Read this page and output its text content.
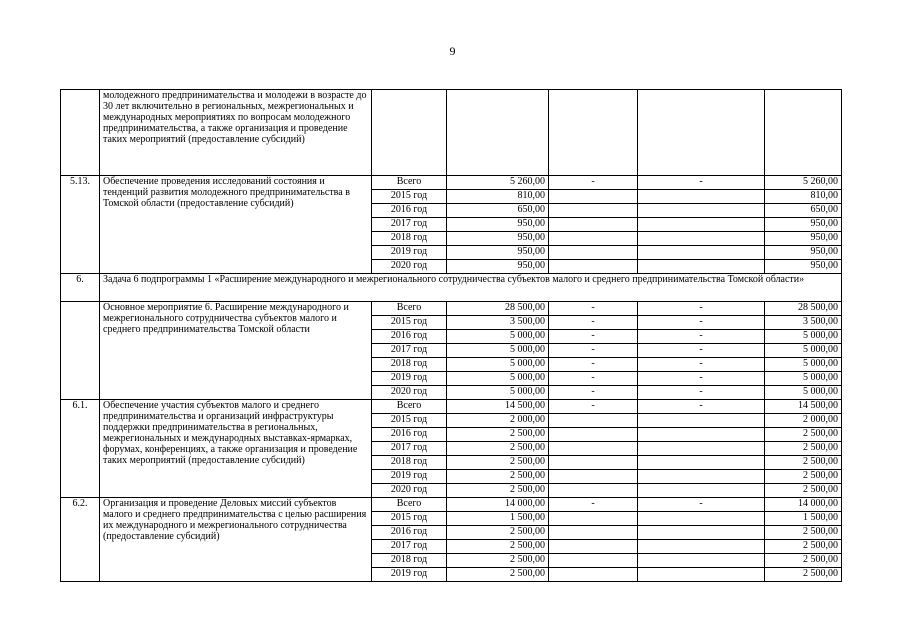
9
	молодежного предпринимательства и молодежи в возрасте до 30 лет включительно в региональных, межрегиональных и международных мероприятиях по вопросам молодежного предпринимательства, а также организация и проведение таких мероприятий (предоставление субсидий)					
5.13.	Обеспечение проведения исследований состояния и тенденций развития молодежного предпринимательства в Томской области (предоставление субсидий)	Всего	5 260,00	-	-	5 260,00
		2015 год	810,00			810,00
		2016 год	650,00			650,00
		2017 год	950,00			950,00
		2018 год	950,00			950,00
		2019 год	950,00			950,00
		2020 год	950,00			950,00
6.	Задача 6 подпрограммы 1 «Расширение международного и межрегионального сотрудничества субъектов малого и среднего предпринимательства Томской области»					
	Основное мероприятие 6. Расширение международного и межрегионального сотрудничества субъектов малого и среднего предпринимательства Томской области	Всего	28 500,00	-	-	28 500,00
		2015 год	3 500,00	-	-	3 500,00
		2016 год	5 000,00	-	-	5 000,00
		2017 год	5 000,00	-	-	5 000,00
		2018 год	5 000,00	-	-	5 000,00
		2019 год	5 000,00	-	-	5 000,00
		2020 год	5 000,00	-	-	5 000,00
6.1.	Обеспечение участия субъектов малого и среднего предпринимательства и организаций инфраструктуры поддержки предпринимательства в региональных, межрегиональных и международных выставках-ярмарках, форумах, конференциях, а также организация и проведение таких мероприятий (предоставление субсидий)	Всего	14 500,00	-	-	14 500,00
		2015 год	2 000,00			2 000,00
		2016 год	2 500,00			2 500,00
		2017 год	2 500,00			2 500,00
		2018 год	2 500,00			2 500,00
		2019 год	2 500,00			2 500,00
		2020 год	2 500,00			2 500,00
6.2.	Организация и проведение Деловых миссий субъектов малого и среднего предпринимательства с целью расширения их международного и межрегионального сотрудничества (предоставление субсидий)	Всего	14 000,00	-	-	14 000,00
		2015 год	1 500,00			1 500,00
		2016 год	2 500,00			2 500,00
		2017 год	2 500,00			2 500,00
		2018 год	2 500,00			2 500,00
		2019 год	2 500,00			2 500,00
